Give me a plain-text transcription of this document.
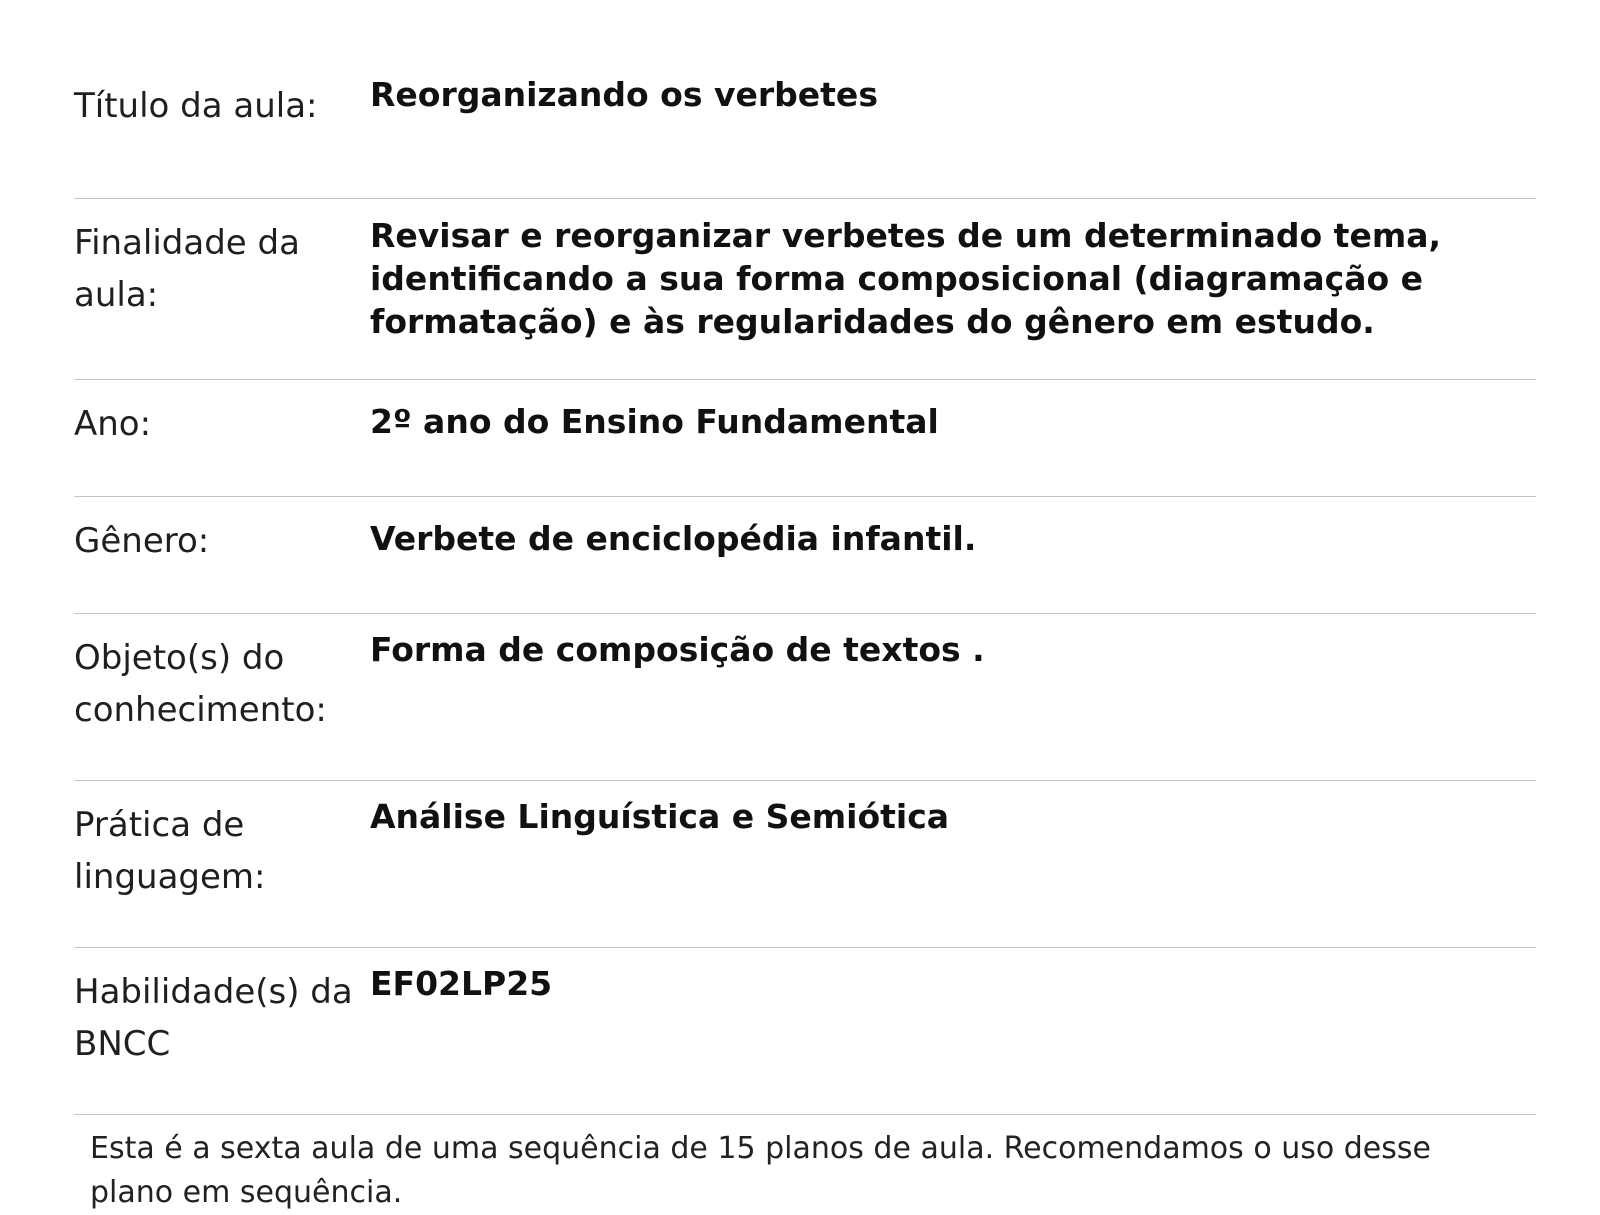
Título da aula:	Reorganizando os verbetes
Finalidade da aula:	Revisar e reorganizar verbetes de um determinado tema, identificando a sua forma composicional (diagramação e formatação) e às regularidades do gênero em estudo.
Ano:	2º ano do Ensino Fundamental
Gênero:	Verbete de enciclopédia infantil.
Objeto(s) do conhecimento:	Forma de composição de textos .
Prática de linguagem:	Análise Linguística e Semiótica
Habilidade(s) da BNCC	EF02LP25
Esta é a sexta aula de uma sequência de 15 planos de aula. Recomendamos o uso desse plano em sequência.
